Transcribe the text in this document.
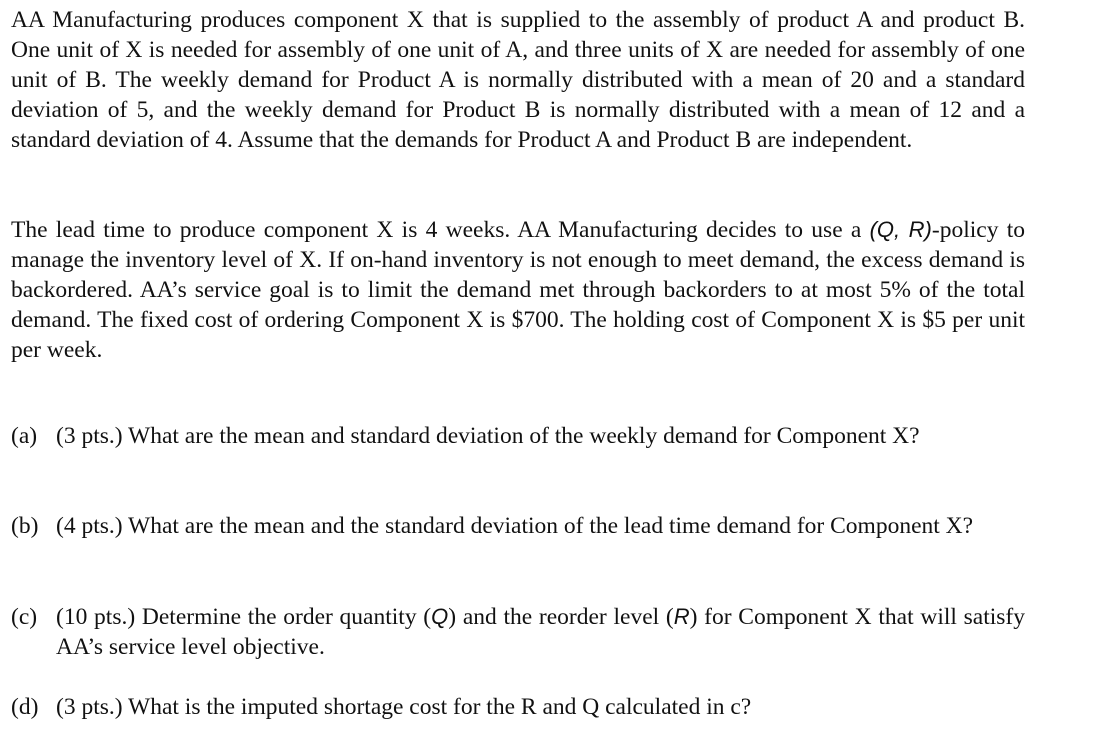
AA Manufacturing produces component X that is supplied to the assembly of product A and product B. One unit of X is needed for assembly of one unit of A, and three units of X are needed for assembly of one unit of B. The weekly demand for Product A is normally distributed with a mean of 20 and a standard deviation of 5, and the weekly demand for Product B is normally distributed with a mean of 12 and a standard deviation of 4. Assume that the demands for Product A and Product B are independent.

The lead time to produce component X is 4 weeks. AA Manufacturing decides to use a (Q, R)-policy to manage the inventory level of X. If on-hand inventory is not enough to meet demand, the excess demand is backordered. AA’s service goal is to limit the demand met through backorders to at most 5% of the total demand. The fixed cost of ordering Component X is $700. The holding cost of Component X is $5 per unit per week.

(a) (3 pts.) What are the mean and standard deviation of the weekly demand for Component X?
(b) (4 pts.) What are the mean and the standard deviation of the lead time demand for Component X?
(c) (10 pts.) Determine the order quantity (Q) and the reorder level (R) for Component X that will satisfy AA’s service level objective.
(d) (3 pts.) What is the imputed shortage cost for the R and Q calculated in c?
